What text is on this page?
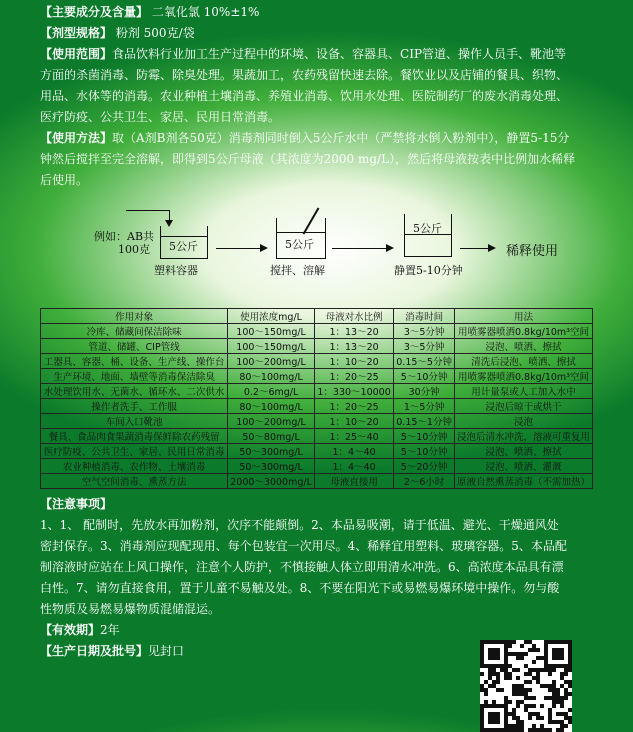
【主要成分及含量】 二氧化氯 10%±1%

【剂型规格】 粉剂 500克/袋

【使用范围】食品饮料行业加工生产过程中的环境、设备、容器具、CIP管道、操作人员手、靴池等
方面的杀菌消毒、防霉、除臭处理。果蔬加工，农药残留快速去除。餐饮业以及店铺的餐具、织物、
用品、水体等的消毒。农业种植土壤消毒、养殖业消毒、饮用水处理、医院制药厂的废水消毒处理、
医疗防疫、公共卫生、家居、民用日常消毒。

【使用方法】取（A剂B剂各50克）消毒剂同时倒入5公斤水中（严禁将水倒入粉剂中），静置5-15分
钟然后搅拌至完全溶解，即得到5公斤母液（其浓度为2000 mg/L），然后将母液按表中比例加水稀释
后使用。

例如：AB共
100克	5公斤
塑料容器
5公斤
搅拌、溶解
5公斤
静置5-10分钟
稀释使用
作用对象	使用浓度mg/L	母液对水比例	消毒时间	用法
冷库、储藏间保洁除味	100～150mg/L	1：13～20	3～5分钟	用喷雾器喷洒0.8kg/10m³空间
管道、储罐、CIP管线	100～150mg/L	1：13～20	3～5分钟	浸泡、喷洒、擦拭
工器具、容器、桶、设备、生产线、操作台	100～200mg/L	1：10～20	0.15～5分钟	清洗后浸泡、喷洒、擦拭
生产环境、地面、墙壁等消毒保洁除臭	80～100mg/L	1：20～25	5～10分钟	用喷雾器喷洒0.8kg/10m³空间
水处理饮用水、无菌水、循环水、二次供水	0.2～6mg/L	1：330～10000	30分钟	用计量泵或人工加入水中
操作者洗手、工作服	80～100mg/L	1：20～25	1～5分钟	浸泡后晾干或烘干
车间入口靴池	100～200mg/L	1：10～20	0.15～1分钟	浸泡
餐具、食品肉食果蔬消毒保鲜除农药残留	50～80mg/L	1：25～40	5～10分钟	浸泡后清水冲洗，溶液可重复用
医疗防疫、公共卫生、家居、民用日常消毒	50～300mg/L	1：4～40	5～10分钟	浸泡、喷洒、擦拭
农业种植消毒、农作物、土壤消毒	50～300mg/L	1：4～40	5～20分钟	浸泡、喷洒、灌溉
空气空间消毒、熏蒸方法	2000～3000mg/L	母液直接用	2～6小时	原液自然熏蒸消毒（不需加热）

【注意事项】

1、1、 配制时，先放水再加粉剂，次序不能颠倒。2、本品易吸潮，请于低温、避光、干燥通风处
密封保存。3、消毒剂应现配现用、每个包装宜一次用尽。4、稀释宜用塑料、玻璃容器。5、本品配
制溶液时应站在上风口操作，注意个人防护，不慎接触人体立即用清水冲洗。6、高浓度本品具有漂
白性。7、请勿直接食用，置于儿童不易触及处。8、不要在阳光下或易燃易爆环境中操作。勿与酸
性物质及易燃易爆物质混储混运。

【有效期】2年

【生产日期及批号】见封口
